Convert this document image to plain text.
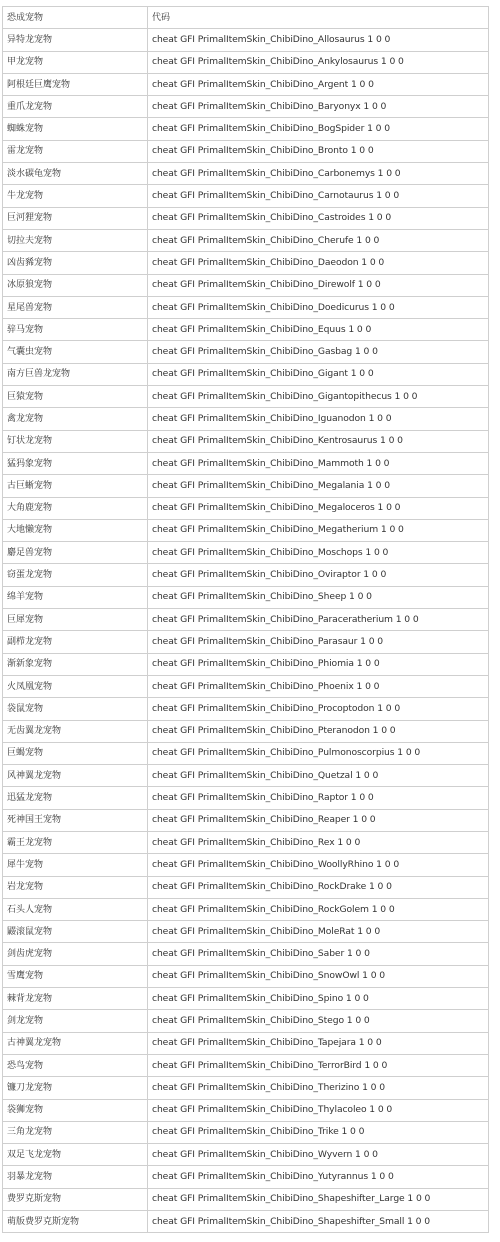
恐成宠物	代码
异特龙宠物	cheat GFI PrimalItemSkin_ChibiDino_Allosaurus 1 0 0
甲龙宠物	cheat GFI PrimalItemSkin_ChibiDino_Ankylosaurus 1 0 0
阿根廷巨鹰宠物	cheat GFI PrimalItemSkin_ChibiDino_Argent 1 0 0
重爪龙宠物	cheat GFI PrimalItemSkin_ChibiDino_Baryonyx 1 0 0
蜘蛛宠物	cheat GFI PrimalItemSkin_ChibiDino_BogSpider 1 0 0
雷龙宠物	cheat GFI PrimalItemSkin_ChibiDino_Bronto 1 0 0
淡水碳龟宠物	cheat GFI PrimalItemSkin_ChibiDino_Carbonemys 1 0 0
牛龙宠物	cheat GFI PrimalItemSkin_ChibiDino_Carnotaurus 1 0 0
巨河狸宠物	cheat GFI PrimalItemSkin_ChibiDino_Castroides 1 0 0
切拉夫宠物	cheat GFI PrimalItemSkin_ChibiDino_Cherufe 1 0 0
凶齿豨宠物	cheat GFI PrimalItemSkin_ChibiDino_Daeodon 1 0 0
冰原狼宠物	cheat GFI PrimalItemSkin_ChibiDino_Direwolf 1 0 0
星尾兽宠物	cheat GFI PrimalItemSkin_ChibiDino_Doedicurus 1 0 0
骍马宠物	cheat GFI PrimalItemSkin_ChibiDino_Equus 1 0 0
气囊虫宠物	cheat GFI PrimalItemSkin_ChibiDino_Gasbag 1 0 0
南方巨兽龙宠物	cheat GFI PrimalItemSkin_ChibiDino_Gigant 1 0 0
巨猿宠物	cheat GFI PrimalItemSkin_ChibiDino_Gigantopithecus 1 0 0
禽龙宠物	cheat GFI PrimalItemSkin_ChibiDino_Iguanodon 1 0 0
钉状龙宠物	cheat GFI PrimalItemSkin_ChibiDino_Kentrosaurus 1 0 0
猛犸象宠物	cheat GFI PrimalItemSkin_ChibiDino_Mammoth 1 0 0
古巨蜥宠物	cheat GFI PrimalItemSkin_ChibiDino_Megalania 1 0 0
大角鹿宠物	cheat GFI PrimalItemSkin_ChibiDino_Megaloceros 1 0 0
大地懒宠物	cheat GFI PrimalItemSkin_ChibiDino_Megatherium 1 0 0
麝足兽宠物	cheat GFI PrimalItemSkin_ChibiDino_Moschops 1 0 0
窃蛋龙宠物	cheat GFI PrimalItemSkin_ChibiDino_Oviraptor 1 0 0
绵羊宠物	cheat GFI PrimalItemSkin_ChibiDino_Sheep 1 0 0
巨犀宠物	cheat GFI PrimalItemSkin_ChibiDino_Paraceratherium 1 0 0
副栉龙宠物	cheat GFI PrimalItemSkin_ChibiDino_Parasaur 1 0 0
渐新象宠物	cheat GFI PrimalItemSkin_ChibiDino_Phiomia 1 0 0
火凤凰宠物	cheat GFI PrimalItemSkin_ChibiDino_Phoenix 1 0 0
袋鼠宠物	cheat GFI PrimalItemSkin_ChibiDino_Procoptodon 1 0 0
无齿翼龙宠物	cheat GFI PrimalItemSkin_ChibiDino_Pteranodon 1 0 0
巨蝎宠物	cheat GFI PrimalItemSkin_ChibiDino_Pulmonoscorpius 1 0 0
风神翼龙宠物	cheat GFI PrimalItemSkin_ChibiDino_Quetzal 1 0 0
迅猛龙宠物	cheat GFI PrimalItemSkin_ChibiDino_Raptor 1 0 0
死神国王宠物	cheat GFI PrimalItemSkin_ChibiDino_Reaper 1 0 0
霸王龙宠物	cheat GFI PrimalItemSkin_ChibiDino_Rex 1 0 0
犀牛宠物	cheat GFI PrimalItemSkin_ChibiDino_WoollyRhino 1 0 0
岩龙宠物	cheat GFI PrimalItemSkin_ChibiDino_RockDrake 1 0 0
石头人宠物	cheat GFI PrimalItemSkin_ChibiDino_RockGolem 1 0 0
鼹滚鼠宠物	cheat GFI PrimalItemSkin_ChibiDino_MoleRat 1 0 0
剑齿虎宠物	cheat GFI PrimalItemSkin_ChibiDino_Saber 1 0 0
雪鹰宠物	cheat GFI PrimalItemSkin_ChibiDino_SnowOwl 1 0 0
棘背龙宠物	cheat GFI PrimalItemSkin_ChibiDino_Spino 1 0 0
剑龙宠物	cheat GFI PrimalItemSkin_ChibiDino_Stego 1 0 0
古神翼龙宠物	cheat GFI PrimalItemSkin_ChibiDino_Tapejara 1 0 0
恐鸟宠物	cheat GFI PrimalItemSkin_ChibiDino_TerrorBird 1 0 0
镰刀龙宠物	cheat GFI PrimalItemSkin_ChibiDino_Therizino 1 0 0
袋狮宠物	cheat GFI PrimalItemSkin_ChibiDino_Thylacoleo 1 0 0
三角龙宠物	cheat GFI PrimalItemSkin_ChibiDino_Trike 1 0 0
双足飞龙宠物	cheat GFI PrimalItemSkin_ChibiDino_Wyvern 1 0 0
羽暴龙宠物	cheat GFI PrimalItemSkin_ChibiDino_Yutyrannus 1 0 0
费罗克斯宠物	cheat GFI PrimalItemSkin_ChibiDino_Shapeshifter_Large 1 0 0
萌版费罗克斯宠物	cheat GFI PrimalItemSkin_ChibiDino_Shapeshifter_Small 1 0 0
